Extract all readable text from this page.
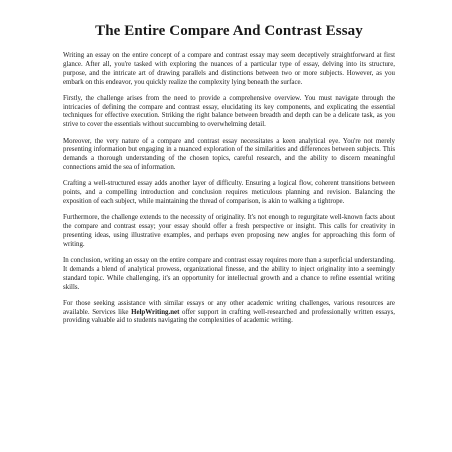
The Entire Compare And Contrast Essay

Writing an essay on the entire concept of a compare and contrast essay may seem deceptively straightforward at first glance. After all, you're tasked with exploring the nuances of a particular type of essay, delving into its structure, purpose, and the intricate art of drawing parallels and distinctions between two or more subjects. However, as you embark on this endeavor, you quickly realize the complexity lying beneath the surface.

Firstly, the challenge arises from the need to provide a comprehensive overview. You must navigate through the intricacies of defining the compare and contrast essay, elucidating its key components, and explicating the essential techniques for effective execution. Striking the right balance between breadth and depth can be a delicate task, as you strive to cover the essentials without succumbing to overwhelming detail.

Moreover, the very nature of a compare and contrast essay necessitates a keen analytical eye. You're not merely presenting information but engaging in a nuanced exploration of the similarities and differences between subjects. This demands a thorough understanding of the chosen topics, careful research, and the ability to discern meaningful connections amid the sea of information.

Crafting a well-structured essay adds another layer of difficulty. Ensuring a logical flow, coherent transitions between points, and a compelling introduction and conclusion requires meticulous planning and revision. Balancing the exposition of each subject, while maintaining the thread of comparison, is akin to walking a tightrope.

Furthermore, the challenge extends to the necessity of originality. It's not enough to regurgitate well-known facts about the compare and contrast essay; your essay should offer a fresh perspective or insight. This calls for creativity in presenting ideas, using illustrative examples, and perhaps even proposing new angles for approaching this form of writing.

In conclusion, writing an essay on the entire compare and contrast essay requires more than a superficial understanding. It demands a blend of analytical prowess, organizational finesse, and the ability to inject originality into a seemingly standard topic. While challenging, it's an opportunity for intellectual growth and a chance to refine essential writing skills.

For those seeking assistance with similar essays or any other academic writing challenges, various resources are available. Services like HelpWriting.net offer support in crafting well-researched and professionally written essays, providing valuable aid to students navigating the complexities of academic writing.
